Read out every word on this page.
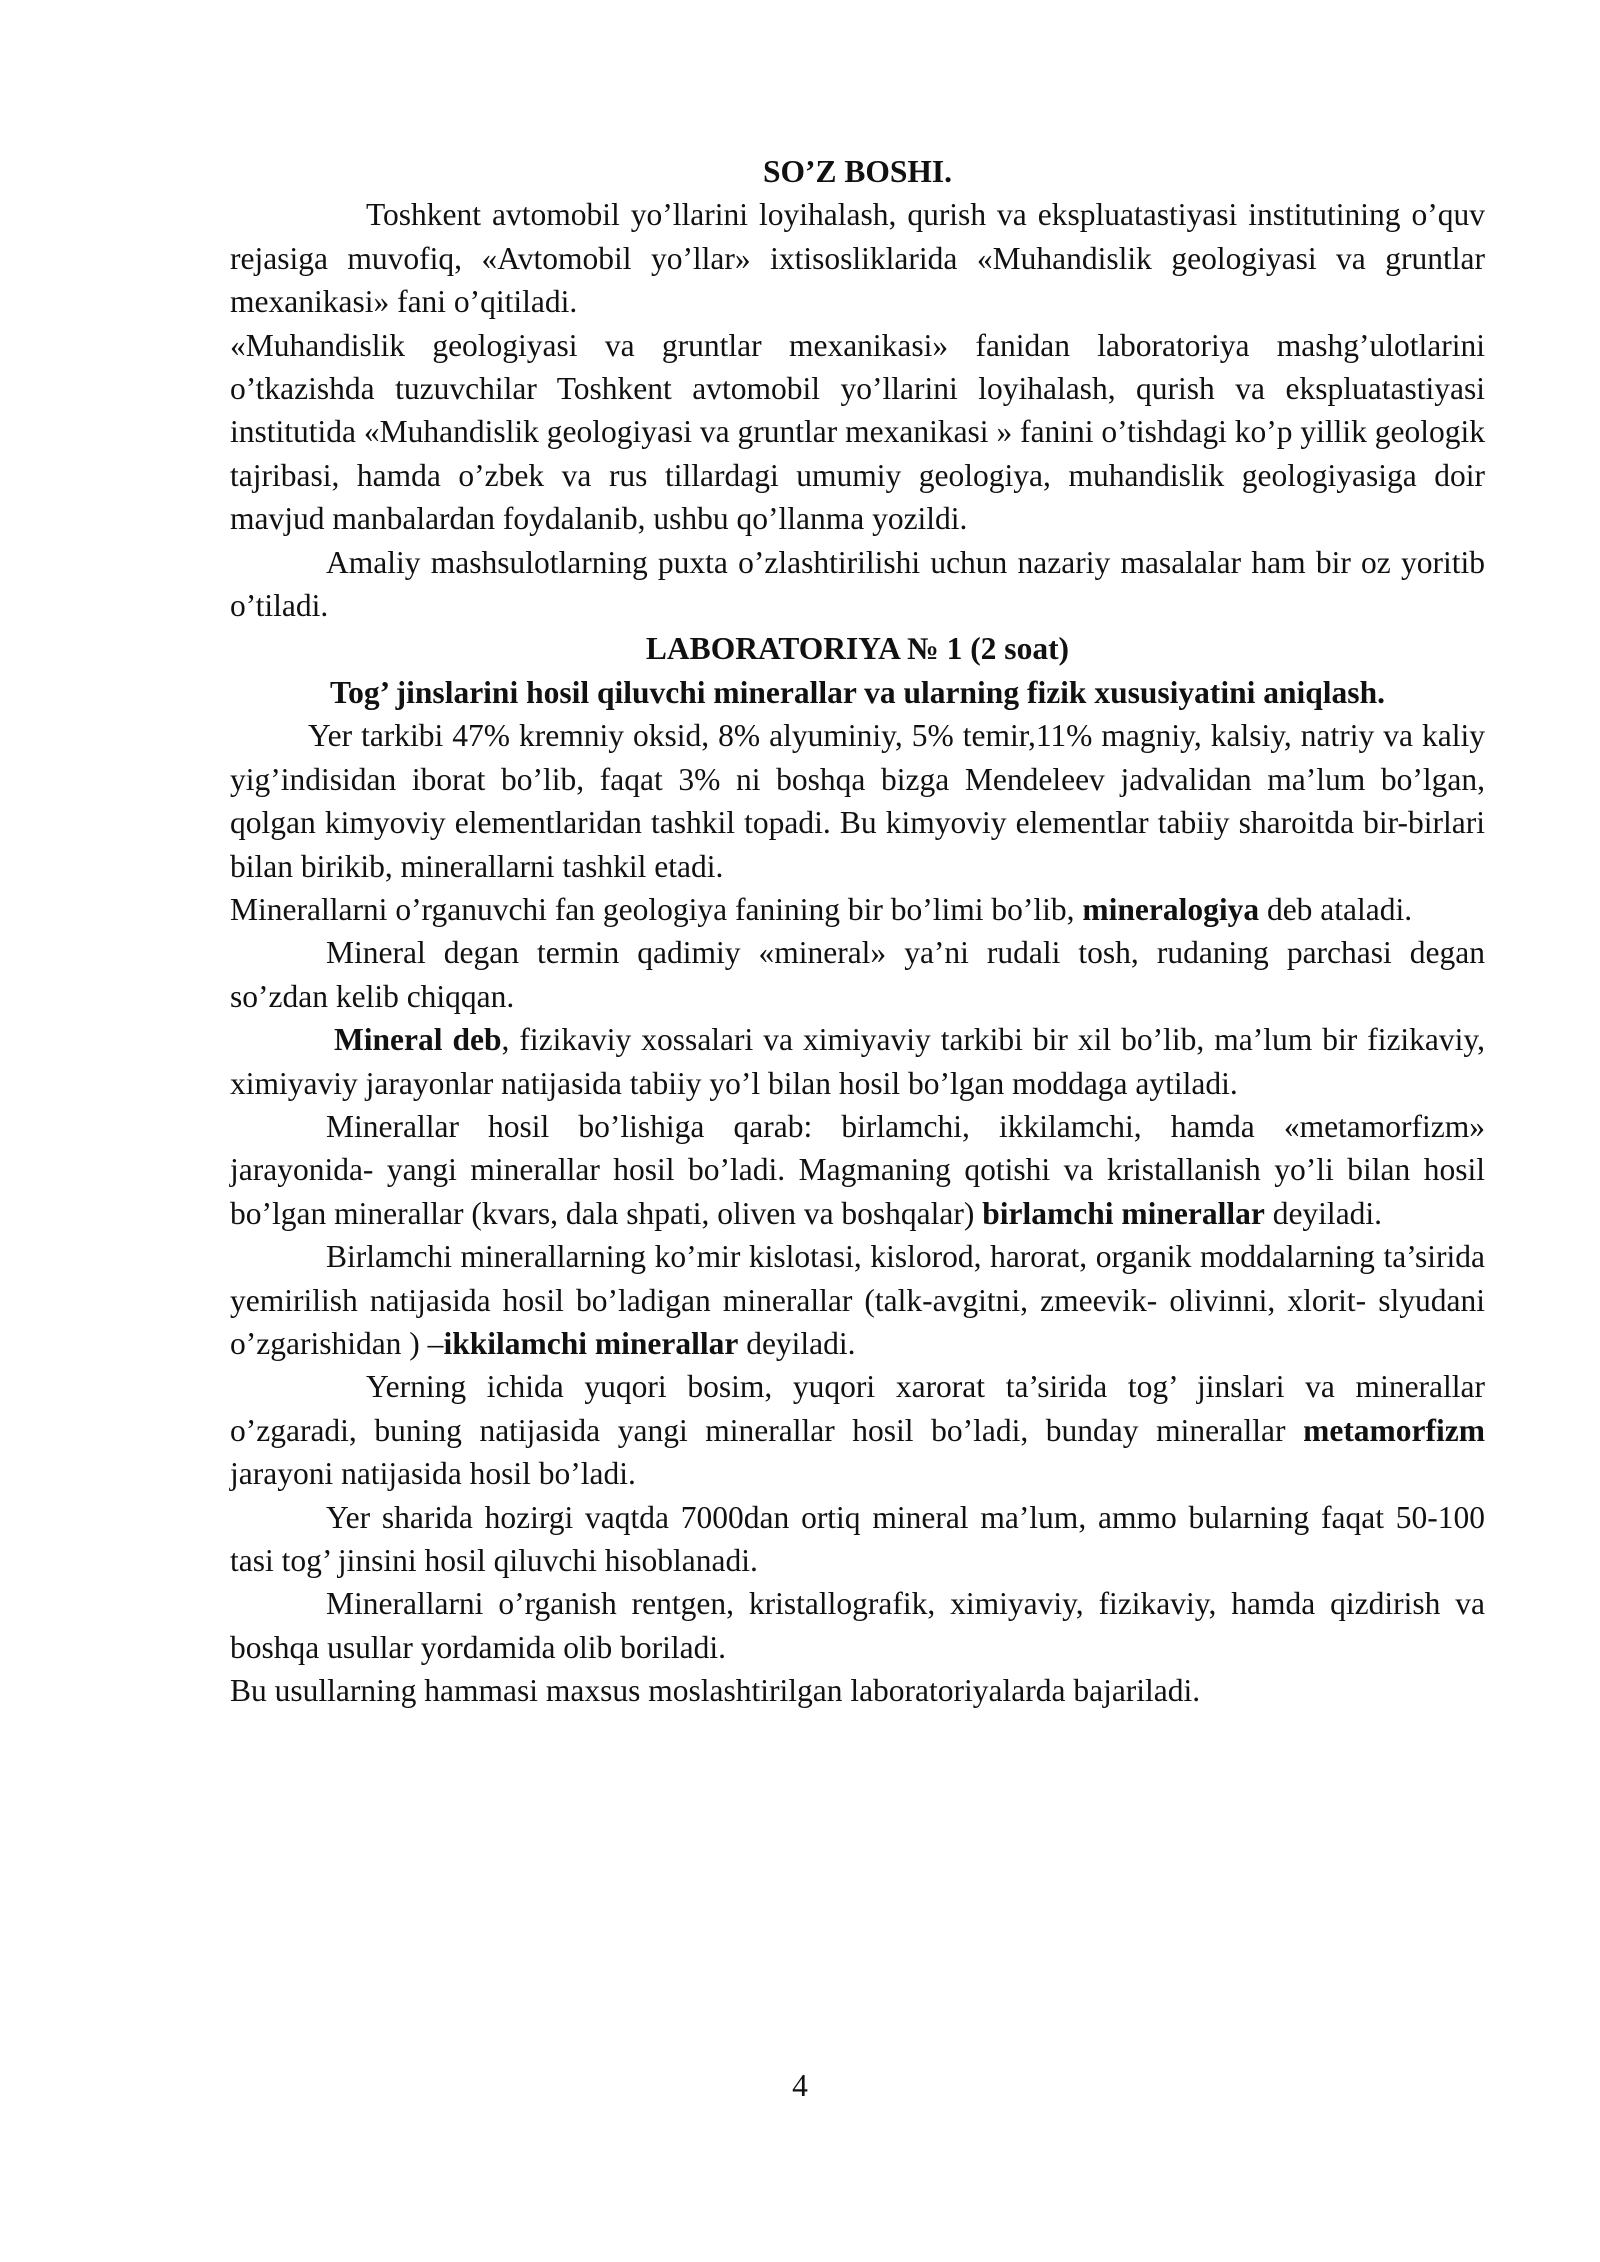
SO’Z BOSHI.

Toshkent avtomobil yo’llarini loyihalash, qurish va ekspluatastiyasi institutining o’quv rejasiga muvofiq, «Avtomobil yo’llar» ixtisosliklarida «Muhandislik geologiyasi va gruntlar mexanikasi» fani o’qitiladi.

«Muhandislik geologiyasi va gruntlar mexanikasi» fanidan laboratoriya mashg’ulotlarini o’tkazishda tuzuvchilar Toshkent avtomobil yo’llarini loyihalash, qurish va ekspluatastiyasi institutida «Muhandislik geologiyasi va gruntlar mexanikasi » fanini o’tishdagi ko’p yillik geologik tajribasi, hamda o’zbek va rus tillardagi umumiy geologiya, muhandislik geologiyasiga doir mavjud manbalardan foydalanib, ushbu qo’llanma yozildi.

Amaliy mashsulotlarning puxta o’zlashtirilishi uchun nazariy masalalar ham bir oz yoritib o’tiladi.

LABORATORIYA № 1 (2 soat)

Tog’ jinslarini hosil qiluvchi minerallar va ularning fizik xususiyatini aniqlash.

Yer tarkibi 47% kremniy oksid, 8% alyuminiy, 5% temir,11% magniy, kalsiy, natriy va kaliy yig’indisidan iborat bo’lib, faqat 3% ni boshqa bizga Mendeleev jadvalidan ma’lum bo’lgan, qolgan kimyoviy elementlaridan tashkil topadi. Bu kimyoviy elementlar tabiiy sharoitda bir-birlari bilan birikib, minerallarni tashkil etadi.

Minerallarni o’rganuvchi fan geologiya fanining bir bo’limi bo’lib, mineralogiya deb ataladi.

Mineral degan termin qadimiy «mineral» ya’ni rudali tosh, rudaning parchasi degan so’zdan kelib chiqqan.

Mineral deb, fizikaviy xossalari va ximiyaviy tarkibi bir xil bo’lib, ma’lum bir fizikaviy, ximiyaviy jarayonlar natijasida tabiiy yo’l bilan hosil bo’lgan moddaga aytiladi.

Minerallar hosil bo’lishiga qarab: birlamchi, ikkilamchi, hamda «metamorfizm» jarayonida- yangi minerallar hosil bo’ladi. Magmaning qotishi va kristallanish yo’li bilan hosil bo’lgan minerallar (kvars, dala shpati, oliven va boshqalar) birlamchi minerallar deyiladi.

Birlamchi minerallarning ko’mir kislotasi, kislorod, harorat, organik moddalarning ta’sirida yemirilish natijasida hosil bo’ladigan minerallar (talk-avgitni, zmeevik- olivinni, xlorit- slyudani o’zgarishidan ) –ikkilamchi minerallar deyiladi.

Yerning ichida yuqori bosim, yuqori xarorat ta’sirida tog’ jinslari va minerallar o’zgaradi, buning natijasida yangi minerallar hosil bo’ladi, bunday minerallar metamorfizm jarayoni natijasida hosil bo’ladi.

Yer sharida hozirgi vaqtda 7000dan ortiq mineral ma’lum, ammo bularning faqat 50-100 tasi tog’ jinsini hosil qiluvchi hisoblanadi.

Minerallarni o’rganish rentgen, kristallografik, ximiyaviy, fizikaviy, hamda qizdirish va boshqa usullar yordamida olib boriladi.

Bu usullarning hammasi maxsus moslashtirilgan laboratoriyalarda bajariladi.

4
